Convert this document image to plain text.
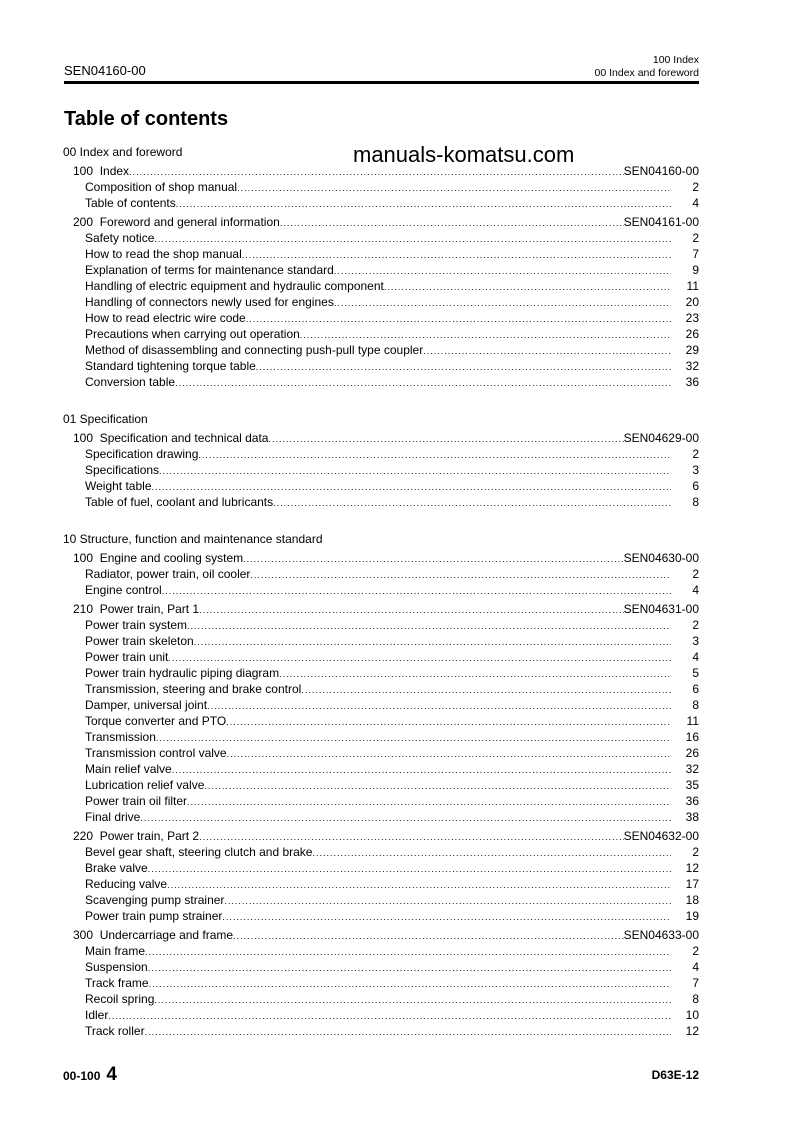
SEN04160-00
100 Index
00 Index and foreword
Table of contents
00 Index and foreword
100 Index .....	SEN04160-00
Composition of shop manual .....	2
Table of contents .....	4
200 Foreword and general information .....	SEN04161-00
Safety notice .....	2
How to read the shop manual .....	7
Explanation of terms for maintenance standard .....	9
Handling of electric equipment and hydraulic component .....	11
Handling of connectors newly used for engines .....	20
How to read electric wire code .....	23
Precautions when carrying out operation .....	26
Method of disassembling and connecting push-pull type coupler .....	29
Standard tightening torque table .....	32
Conversion table .....	36
01 Specification
100 Specification and technical data .....	SEN04629-00
Specification drawing .....	2
Specifications .....	3
Weight table .....	6
Table of fuel, coolant and lubricants .....	8
10 Structure, function and maintenance standard
100 Engine and cooling system .....	SEN04630-00
Radiator, power train, oil cooler .....	2
Engine control .....	4
210 Power train, Part 1 .....	SEN04631-00
Power train system .....	2
Power train skeleton .....	3
Power train unit .....	4
Power train hydraulic piping diagram .....	5
Transmission, steering and brake control .....	6
Damper, universal joint .....	8
Torque converter and PTO .....	11
Transmission .....	16
Transmission control valve .....	26
Main relief valve .....	32
Lubrication relief valve .....	35
Power train oil filter .....	36
Final drive .....	38
220 Power train, Part 2 .....	SEN04632-00
Bevel gear shaft, steering clutch and brake .....	2
Brake valve .....	12
Reducing valve .....	17
Scavenging pump strainer .....	18
Power train pump strainer .....	19
300 Undercarriage and frame .....	SEN04633-00
Main frame .....	2
Suspension .....	4
Track frame .....	7
Recoil spring .....	8
Idler .....	10
Track roller .....	12
manuals-komatsu.com
00-100 4	D63E-12
